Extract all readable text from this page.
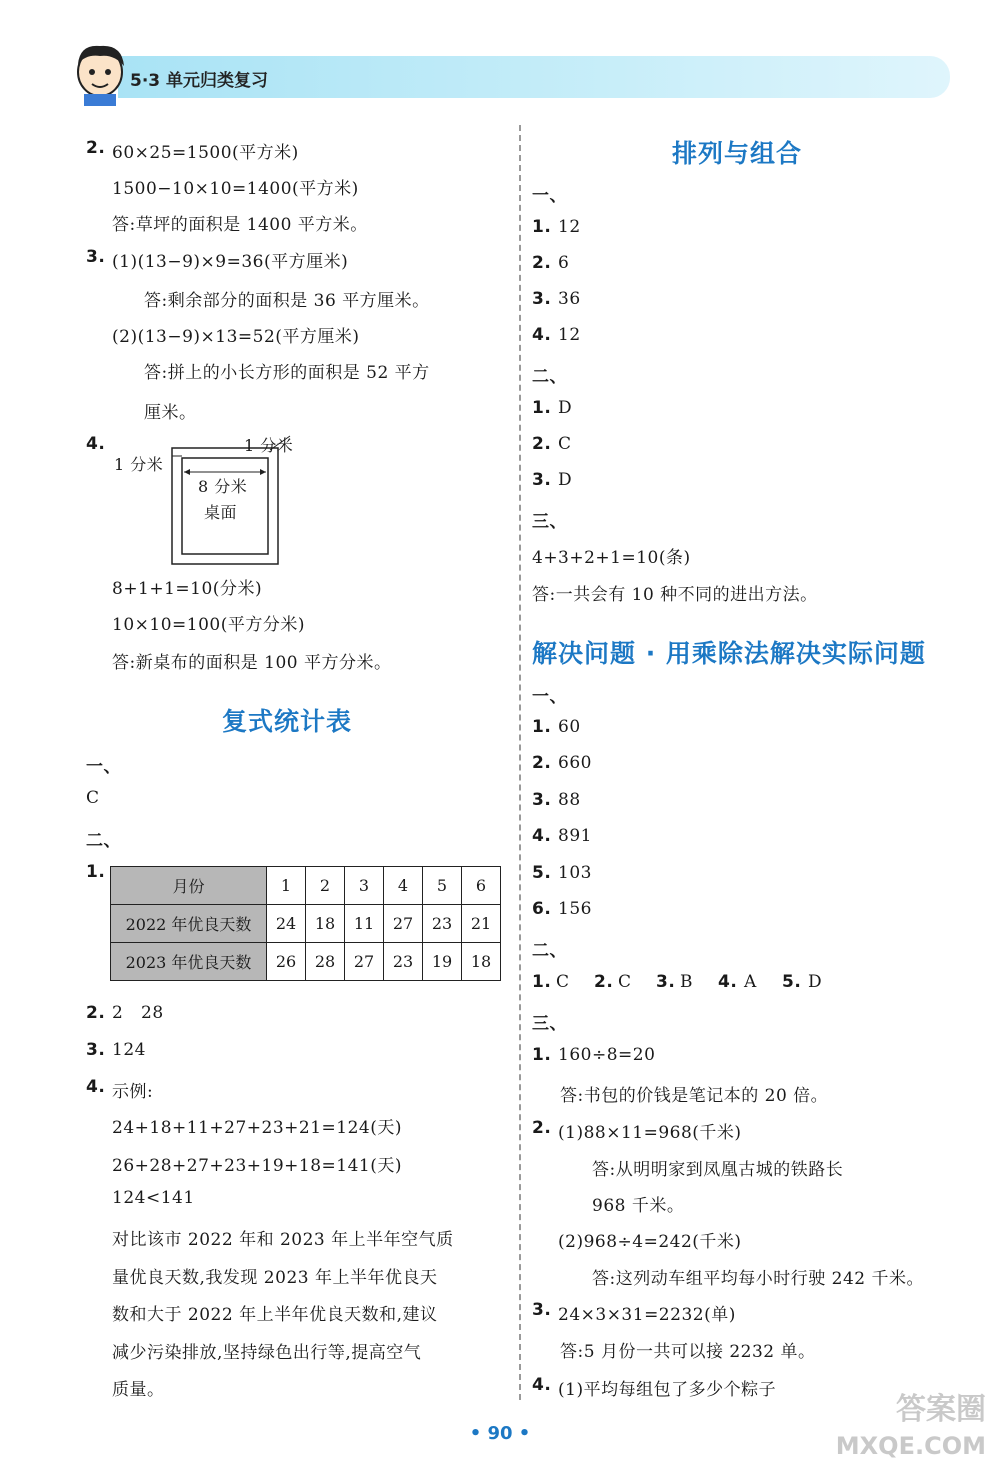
5·3 单元归类复习
2. 60×25=1500(平方米)
1500−10×10=1400(平方米)
答:草坪的面积是 1400 平方米。
3. (1)(13−9)×9=36(平方厘米)
答:剩余部分的面积是 36 平方厘米。
(2)(13−9)×13=52(平方厘米)
答:拼上的小长方形的面积是 52 平方
厘米。
4.
1 分米
1 分米
8 分米
桌面
8+1+1=10(分米)
10×10=100(平方分米)
答:新桌布的面积是 100 平方分米。
复式统计表
一、
C
二、
1.
月份	1	2	3	4	5	6
2022 年优良天数	24	18	11	27	23	21
2023 年优良天数	26	28	27	23	19	18
2. 2   28
3. 124
4. 示例:
24+18+11+27+23+21=124(天)
26+28+27+23+19+18=141(天)
124<141
对比该市 2022 年和 2023 年上半年空气质
量优良天数,我发现 2023 年上半年优良天
数和大于 2022 年上半年优良天数和,建议
减少污染排放,坚持绿色出行等,提高空气
质量。
排列与组合
一、
1. 12
2. 6
3. 36
4. 12
二、
1. D
2. C
3. D
三、
4+3+2+1=10(条)
答:一共会有 10 种不同的进出方法。
解决问题 · 用乘除法解决实际问题
一、
1. 60
2. 660
3. 88
4. 891
5. 103
6. 156
二、
1. C 2. C 3. B 4. A 5. D
三、
1. 160÷8=20
答:书包的价钱是笔记本的 20 倍。
2. (1)88×11=968(千米)
答:从明明家到凤凰古城的铁路长
968 千米。
(2)968÷4=242(千米)
答:这列动车组平均每小时行驶 242 千米。
3. 24×3×31=2232(单)
答:5 月份一共可以接 2232 单。
4. (1)平均每组包了多少个粽子
• 90 •
答案圈
MXQE.COM
